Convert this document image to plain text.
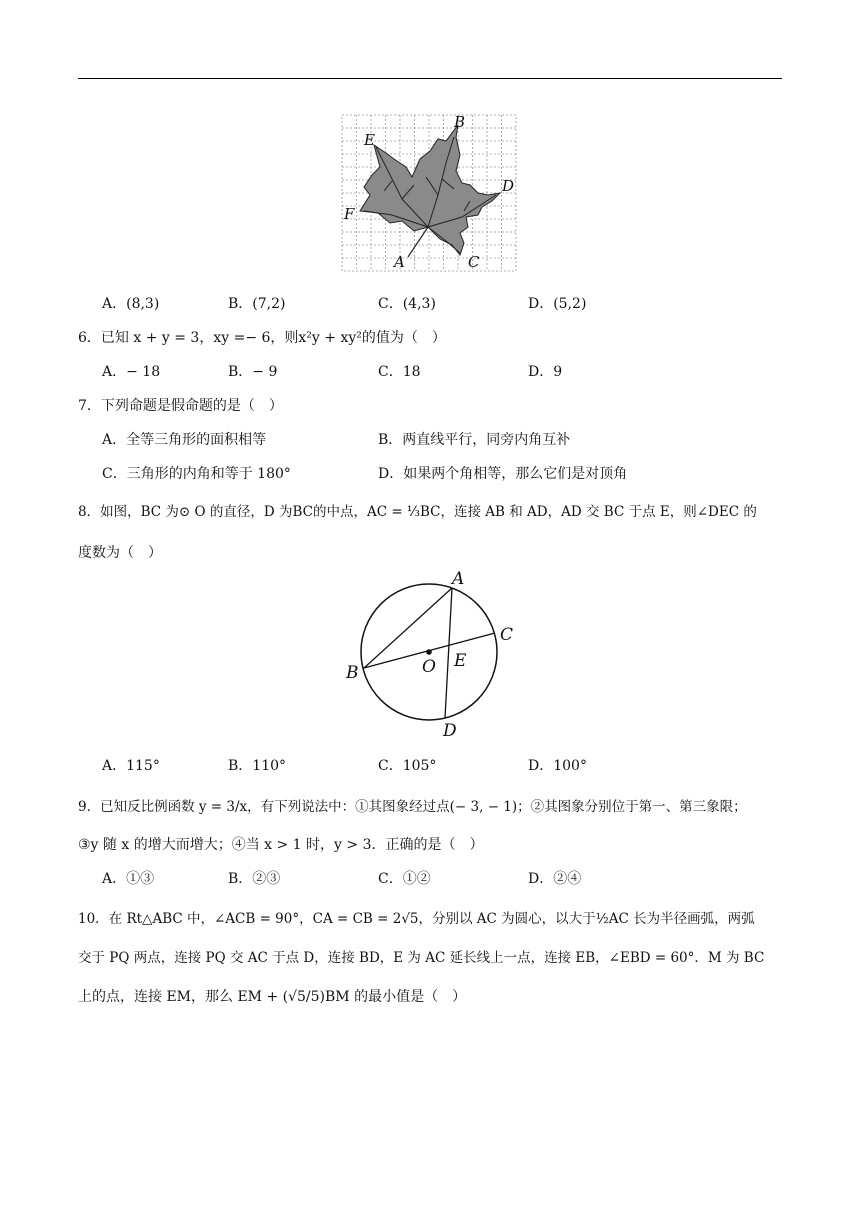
E
B
D
F
A	C
A．(8,3)	B．(7,2)	C．(4,3)	D．(5,2)
6．已知 x + y = 3，xy =− 6，则x²y + xy²的值为（　）
A．− 18	B．− 9	C．18	D．9
7．下列命题是假命题的是（　）
A．全等三角形的面积相等	B．两直线平行，同旁内角互补
C．三角形的内角和等于 180°	D．如果两个角相等，那么它们是对顶角
8．如图，BC 为⊙ O 的直径，D 为BC的中点，AC = ⅓BC，连接 AB 和 AD，AD 交 BC 于点 E，则∠DEC 的
度数为（　）
A
C
B	O E
D
A．115°	B．110°	C．105°	D．100°
9．已知反比例函数 y = 3/x，有下列说法中：①其图象经过点(− 3, − 1)；②其图象分别位于第一、第三象限；
③y 随 x 的增大而增大；④当 x > 1 时，y > 3．正确的是（　）
A．①③	B．②③	C．①②	D．②④
10．在 Rt△ABC 中，∠ACB = 90°，CA = CB = 2√5，分别以 AC 为圆心，以大于½AC 长为半径画弧，两弧
交于 PQ 两点，连接 PQ 交 AC 于点 D，连接 BD，E 为 AC 延长线上一点，连接 EB，∠EBD = 60°．M 为 BC
上的点，连接 EM，那么 EM + (√5/5)BM 的最小值是（　）
